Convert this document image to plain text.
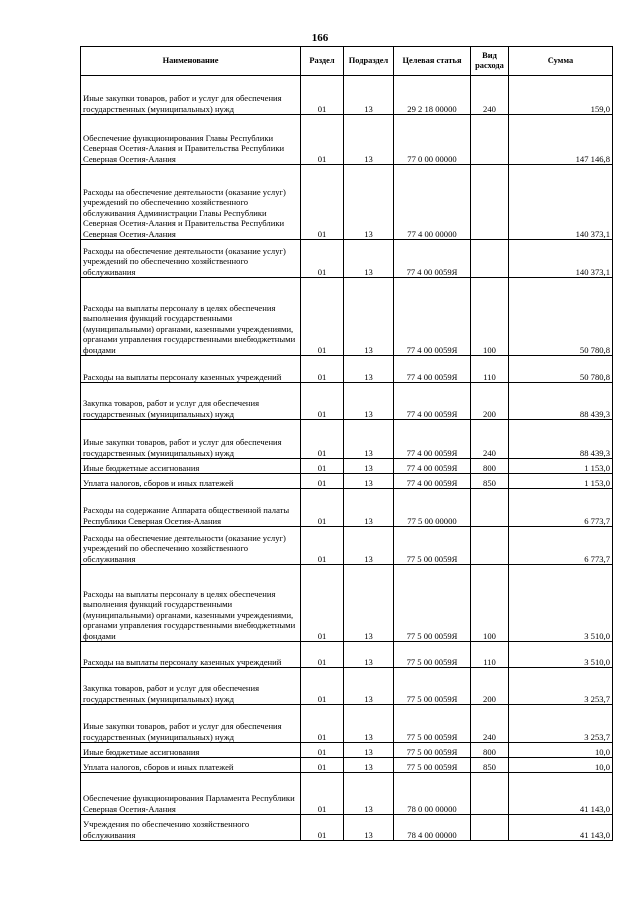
166
Наименование	Раздел	Подраздел	Целевая статья	Вид расхода	Сумма
Иные закупки товаров, работ и услуг для обеспечения государственных (муниципальных) нужд	01	13	29 2 18 00000	240	159,0
Обеспечение функционирования Главы Республики Северная Осетия-Алания и Правительства Республики Северная Осетия-Алания	01	13	77 0 00 00000		147 146,8
Расходы на обеспечение деятельности (оказание услуг) учреждений по обеспечению хозяйственного обслуживания Администрации Главы Республики Северная Осетия-Алания и Правительства Республики Северная Осетия-Алания	01	13	77 4 00 00000		140 373,1
Расходы на обеспечение деятельности (оказание услуг) учреждений по обеспечению хозяйственного обслуживания	01	13	77 4 00 0059Я		140 373,1
Расходы на выплаты персоналу в целях обеспечения выполнения функций государственными (муниципальными) органами, казенными учреждениями, органами управления государственными внебюджетными фондами	01	13	77 4 00 0059Я	100	50 780,8
Расходы на выплаты персоналу казенных учреждений	01	13	77 4 00 0059Я	110	50 780,8
Закупка товаров, работ и услуг для обеспечения государственных (муниципальных) нужд	01	13	77 4 00 0059Я	200	88 439,3
Иные закупки товаров, работ и услуг для обеспечения государственных (муниципальных) нужд	01	13	77 4 00 0059Я	240	88 439,3
Иные бюджетные ассигнования	01	13	77 4 00 0059Я	800	1 153,0
Уплата налогов, сборов и иных платежей	01	13	77 4 00 0059Я	850	1 153,0
Расходы на содержание Аппарата общественной палаты Республики Северная Осетия-Алания	01	13	77 5 00 00000		6 773,7
Расходы на обеспечение деятельности (оказание услуг) учреждений по обеспечению хозяйственного обслуживания	01	13	77 5 00 0059Я		6 773,7
Расходы на выплаты персоналу в целях обеспечения выполнения функций государственными (муниципальными) органами, казенными учреждениями, органами управления государственными внебюджетными фондами	01	13	77 5 00 0059Я	100	3 510,0
Расходы на выплаты персоналу казенных учреждений	01	13	77 5 00 0059Я	110	3 510,0
Закупка товаров, работ и услуг для обеспечения государственных (муниципальных) нужд	01	13	77 5 00 0059Я	200	3 253,7
Иные закупки товаров, работ и услуг для обеспечения государственных (муниципальных) нужд	01	13	77 5 00 0059Я	240	3 253,7
Иные бюджетные ассигнования	01	13	77 5 00 0059Я	800	10,0
Уплата налогов, сборов и иных платежей	01	13	77 5 00 0059Я	850	10,0
Обеспечение функционирования Парламента Республики Северная Осетия-Алания	01	13	78 0 00 00000		41 143,0
Учреждения по обеспечению хозяйственного обслуживания	01	13	78 4 00 00000		41 143,0
